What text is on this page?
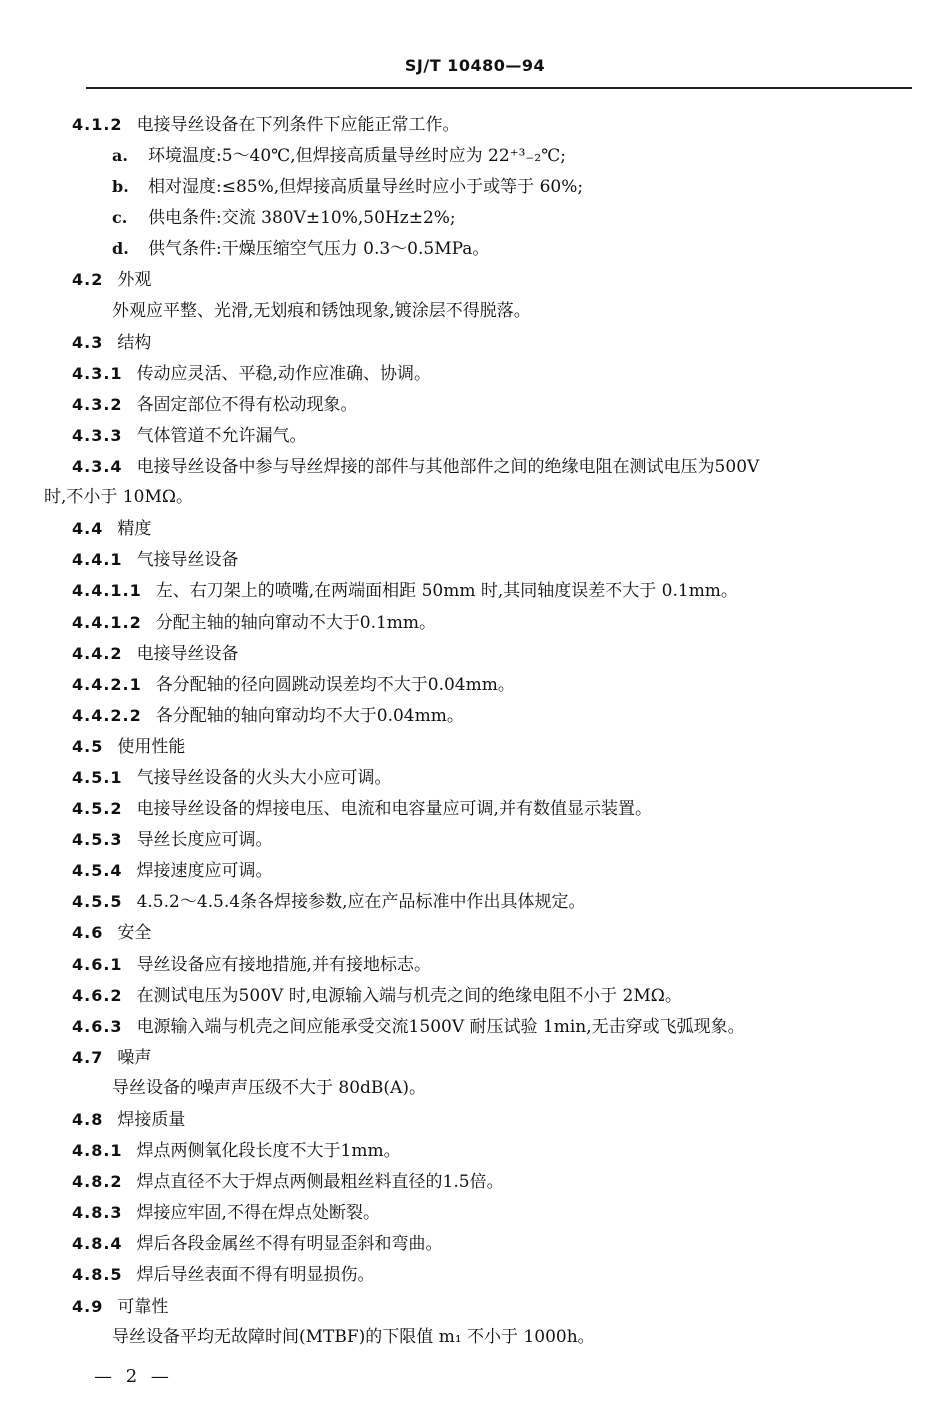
SJ/T 10480—94
4.1.2 电接导丝设备在下列条件下应能正常工作。
a. 环境温度:5～40℃,但焊接高质量导丝时应为 22⁺³₋₂℃;
b. 相对湿度:≤85%,但焊接高质量导丝时应小于或等于 60%;
c. 供电条件:交流 380V±10%,50Hz±2%;
d. 供气条件:干燥压缩空气压力 0.3～0.5MPa。
4.2 外观
外观应平整、光滑,无划痕和锈蚀现象,镀涂层不得脱落。
4.3 结构
4.3.1 传动应灵活、平稳,动作应准确、协调。
4.3.2 各固定部位不得有松动现象。
4.3.3 气体管道不允许漏气。
4.3.4 电接导丝设备中参与导丝焊接的部件与其他部件之间的绝缘电阻在测试电压为500V
时,不小于 10MΩ。
4.4 精度
4.4.1 气接导丝设备
4.4.1.1 左、右刀架上的喷嘴,在两端面相距 50mm 时,其同轴度误差不大于 0.1mm。
4.4.1.2 分配主轴的轴向窜动不大于0.1mm。
4.4.2 电接导丝设备
4.4.2.1 各分配轴的径向圆跳动误差均不大于0.04mm。
4.4.2.2 各分配轴的轴向窜动均不大于0.04mm。
4.5 使用性能
4.5.1 气接导丝设备的火头大小应可调。
4.5.2 电接导丝设备的焊接电压、电流和电容量应可调,并有数值显示装置。
4.5.3 导丝长度应可调。
4.5.4 焊接速度应可调。
4.5.5 4.5.2～4.5.4条各焊接参数,应在产品标准中作出具体规定。
4.6 安全
4.6.1 导丝设备应有接地措施,并有接地标志。
4.6.2 在测试电压为500V 时,电源输入端与机壳之间的绝缘电阻不小于 2MΩ。
4.6.3 电源输入端与机壳之间应能承受交流1500V 耐压试验 1min,无击穿或飞弧现象。
4.7 噪声
导丝设备的噪声声压级不大于 80dB(A)。
4.8 焊接质量
4.8.1 焊点两侧氧化段长度不大于1mm。
4.8.2 焊点直径不大于焊点两侧最粗丝料直径的1.5倍。
4.8.3 焊接应牢固,不得在焊点处断裂。
4.8.4 焊后各段金属丝不得有明显歪斜和弯曲。
4.8.5 焊后导丝表面不得有明显损伤。
4.9 可靠性
导丝设备平均无故障时间(MTBF)的下限值 m₁ 不小于 1000h。
— 2 —
